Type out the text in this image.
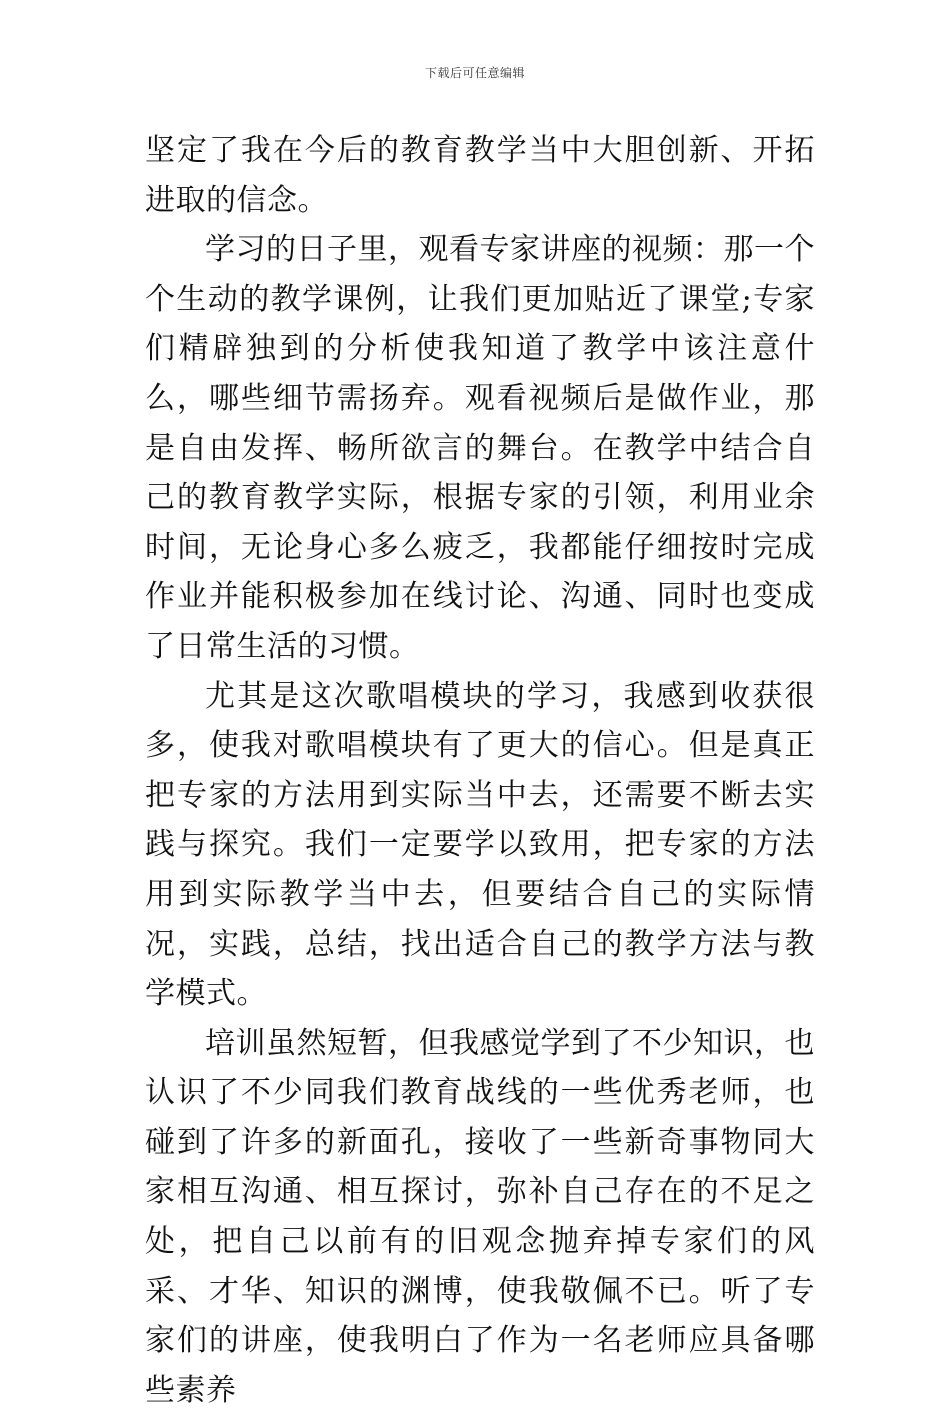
下载后可任意编辑

坚定了我在今后的教育教学当中大胆创新、开拓进取的信念。

学习的日子里，观看专家讲座的视频：那一个个生动的教学课例，让我们更加贴近了课堂;专家们精辟独到的分析使我知道了教学中该注意什么，哪些细节需扬弃。观看视频后是做作业，那是自由发挥、畅所欲言的舞台。在教学中结合自己的教育教学实际，根据专家的引领，利用业余时间，无论身心多么疲乏，我都能仔细按时完成作业并能积极参加在线讨论、沟通、同时也变成了日常生活的习惯。

尤其是这次歌唱模块的学习，我感到收获很多，使我对歌唱模块有了更大的信心。但是真正把专家的方法用到实际当中去，还需要不断去实践与探究。我们一定要学以致用，把专家的方法用到实际教学当中去，但要结合自己的实际情况，实践，总结，找出适合自己的教学方法与教学模式。

培训虽然短暂，但我感觉学到了不少知识，也认识了不少同我们教育战线的一些优秀老师，也碰到了许多的新面孔，接收了一些新奇事物同大家相互沟通、相互探讨，弥补自己存在的不足之处，把自己以前有的旧观念抛弃掉专家们的风采、才华、知识的渊博，使我敬佩不已。听了专家们的讲座，使我明白了作为一名老师应具备哪些素养
